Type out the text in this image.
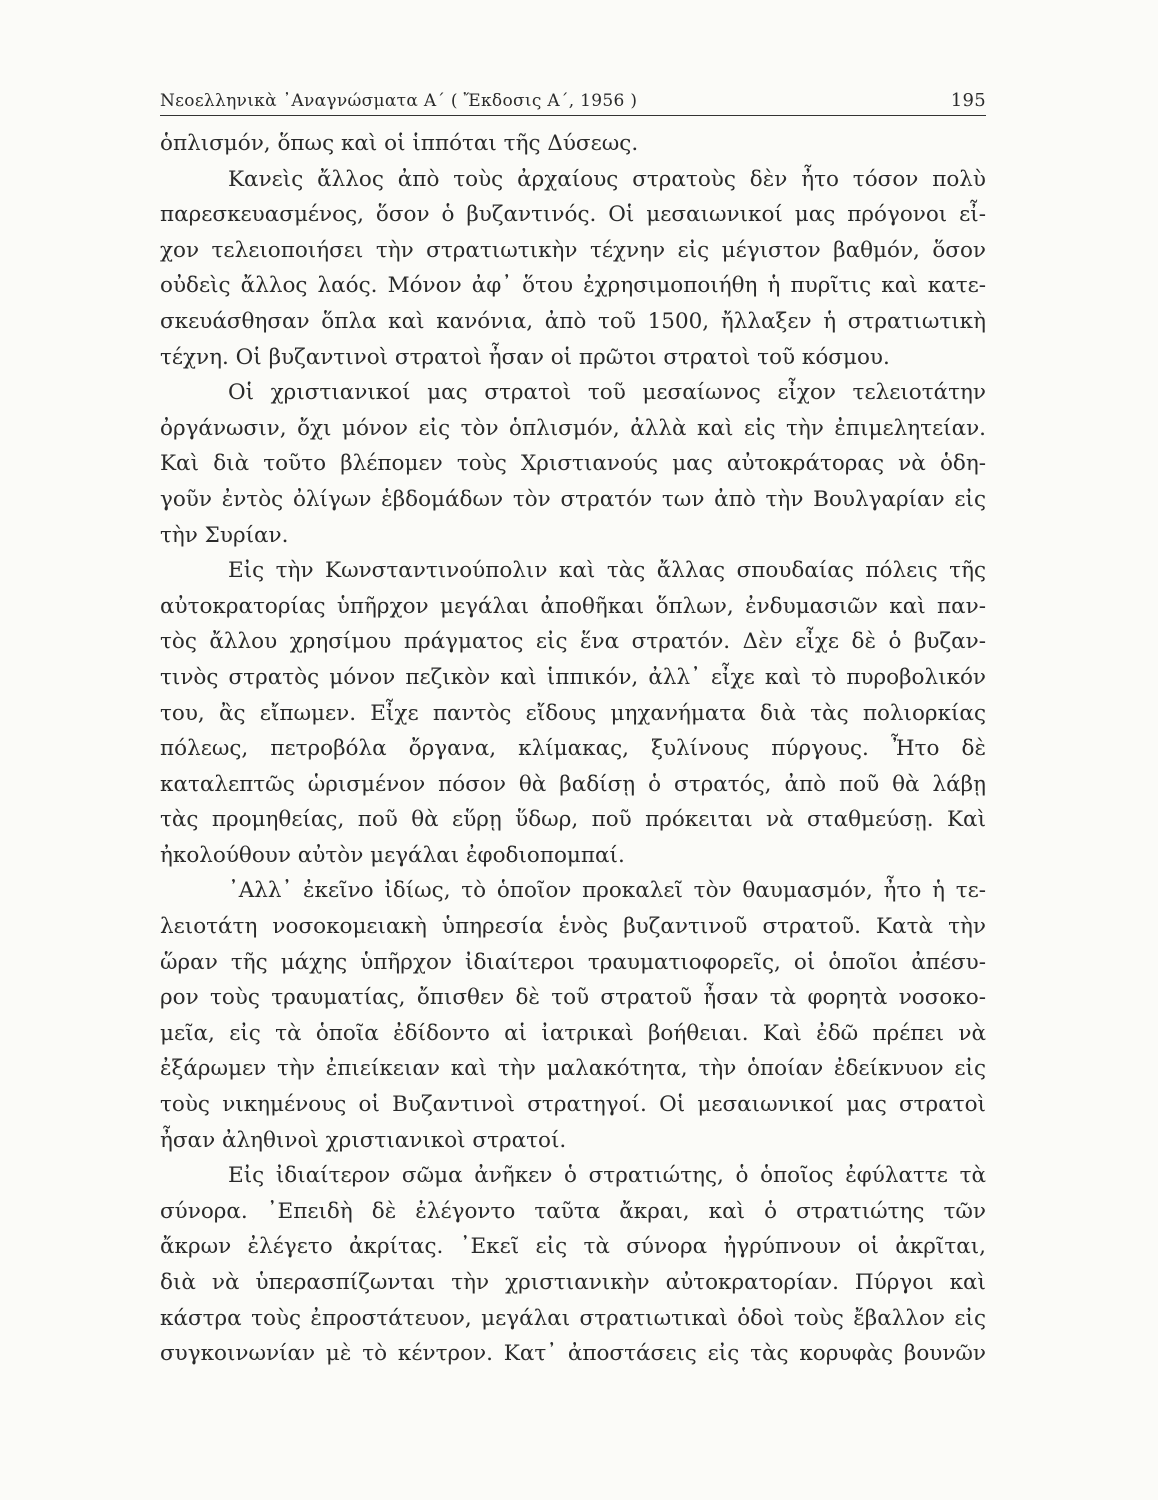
Νεοελληνικὰ ᾿Αναγνώσματα Α΄ ( Ἔκδοσις Α΄, 1956 )	195
ὁπλισμόν, ὅπως καὶ οἱ ἱππόται τῆς Δύσεως.
Κανεὶς ἄλλος ἀπὸ τοὺς ἀρχαίους στρατοὺς δὲν ἦτο τόσον πολὺ
παρεσκευασμένος, ὅσον ὁ βυζαντινός. Οἱ μεσαιωνικοί μας πρόγονοι εἶ-
χον τελειοποιήσει τὴν στρατιωτικὴν τέχνην εἰς μέγιστον βαθμόν, ὅσον
οὐδεὶς ἄλλος λαός. Μόνον ἀφ᾿ ὅτου ἐχρησιμοποιήθη ἡ πυρῖτις καὶ κατε-
σκευάσθησαν ὅπλα καὶ κανόνια, ἀπὸ τοῦ 1500, ἤλλαξεν ἡ στρατιωτικὴ
τέχνη. Οἱ βυζαντινοὶ στρατοὶ ἦσαν οἱ πρῶτοι στρατοὶ τοῦ κόσμου.
Οἱ χριστιανικοί μας στρατοὶ τοῦ μεσαίωνος εἶχον τελειοτάτην
ὀργάνωσιν, ὄχι μόνον εἰς τὸν ὁπλισμόν, ἀλλὰ καὶ εἰς τὴν ἐπιμελητείαν.
Καὶ διὰ τοῦτο βλέπομεν τοὺς Χριστιανούς μας αὐτοκράτορας νὰ ὁδη-
γοῦν ἐντὸς ὀλίγων ἑβδομάδων τὸν στρατόν των ἀπὸ τὴν Βουλγαρίαν εἰς
τὴν Συρίαν.
Εἰς τὴν Κωνσταντινούπολιν καὶ τὰς ἄλλας σπουδαίας πόλεις τῆς
αὐτοκρατορίας ὑπῆρχον μεγάλαι ἀποθῆκαι ὅπλων, ἐνδυμασιῶν καὶ παν-
τὸς ἄλλου χρησίμου πράγματος εἰς ἕνα στρατόν. Δὲν εἶχε δὲ ὁ βυζαν-
τινὸς στρατὸς μόνον πεζικὸν καὶ ἱππικόν, ἀλλ᾿ εἶχε καὶ τὸ πυροβολικόν
του, ἂς εἴπωμεν. Εἶχε παντὸς εἴδους μηχανήματα διὰ τὰς πολιορκίας
πόλεως, πετροβόλα ὄργανα, κλίμακας, ξυλίνους πύργους. Ἦτο δὲ
καταλεπτῶς ὡρισμένον πόσον θὰ βαδίσῃ ὁ στρατός, ἀπὸ ποῦ θὰ λάβῃ
τὰς προμηθείας, ποῦ θὰ εὕρῃ ὕδωρ, ποῦ πρόκειται νὰ σταθμεύσῃ. Καὶ
ἠκολούθουν αὐτὸν μεγάλαι ἐφοδιοπομπαί.
᾿Αλλ᾿ ἐκεῖνο ἰδίως, τὸ ὁποῖον προκαλεῖ τὸν θαυμασμόν, ἦτο ἡ τε-
λειοτάτη νοσοκομειακὴ ὑπηρεσία ἑνὸς βυζαντινοῦ στρατοῦ. Κατὰ τὴν
ὥραν τῆς μάχης ὑπῆρχον ἰδιαίτεροι τραυματιοφορεῖς, οἱ ὁποῖοι ἀπέσυ-
ρον τοὺς τραυματίας, ὄπισθεν δὲ τοῦ στρατοῦ ἦσαν τὰ φορητὰ νοσοκο-
μεῖα, εἰς τὰ ὁποῖα ἐδίδοντο αἱ ἰατρικαὶ βοήθειαι. Καὶ ἐδῶ πρέπει νὰ
ἐξάρωμεν τὴν ἐπιείκειαν καὶ τὴν μαλακότητα, τὴν ὁποίαν ἐδείκνυον εἰς
τοὺς νικημένους οἱ Βυζαντινοὶ στρατηγοί. Οἱ μεσαιωνικοί μας στρατοὶ
ἦσαν ἀληθινοὶ χριστιανικοὶ στρατοί.
Εἰς ἰδιαίτερον σῶμα ἀνῆκεν ὁ στρατιώτης, ὁ ὁποῖος ἐφύλαττε τὰ
σύνορα. ᾿Επειδὴ δὲ ἐλέγοντο ταῦτα ἄκραι, καὶ ὁ στρατιώτης τῶν
ἄκρων ἐλέγετο ἀκρίτας. ᾿Εκεῖ εἰς τὰ σύνορα ἠγρύπνουν οἱ ἀκρῖται,
διὰ νὰ ὑπερασπίζωνται τὴν χριστιανικὴν αὐτοκρατορίαν. Πύργοι καὶ
κάστρα τοὺς ἐπροστάτευον, μεγάλαι στρατιωτικαὶ ὁδοὶ τοὺς ἔβαλλον εἰς
συγκοινωνίαν μὲ τὸ κέντρον. Κατ᾿ ἀποστάσεις εἰς τὰς κορυφὰς βουνῶν
